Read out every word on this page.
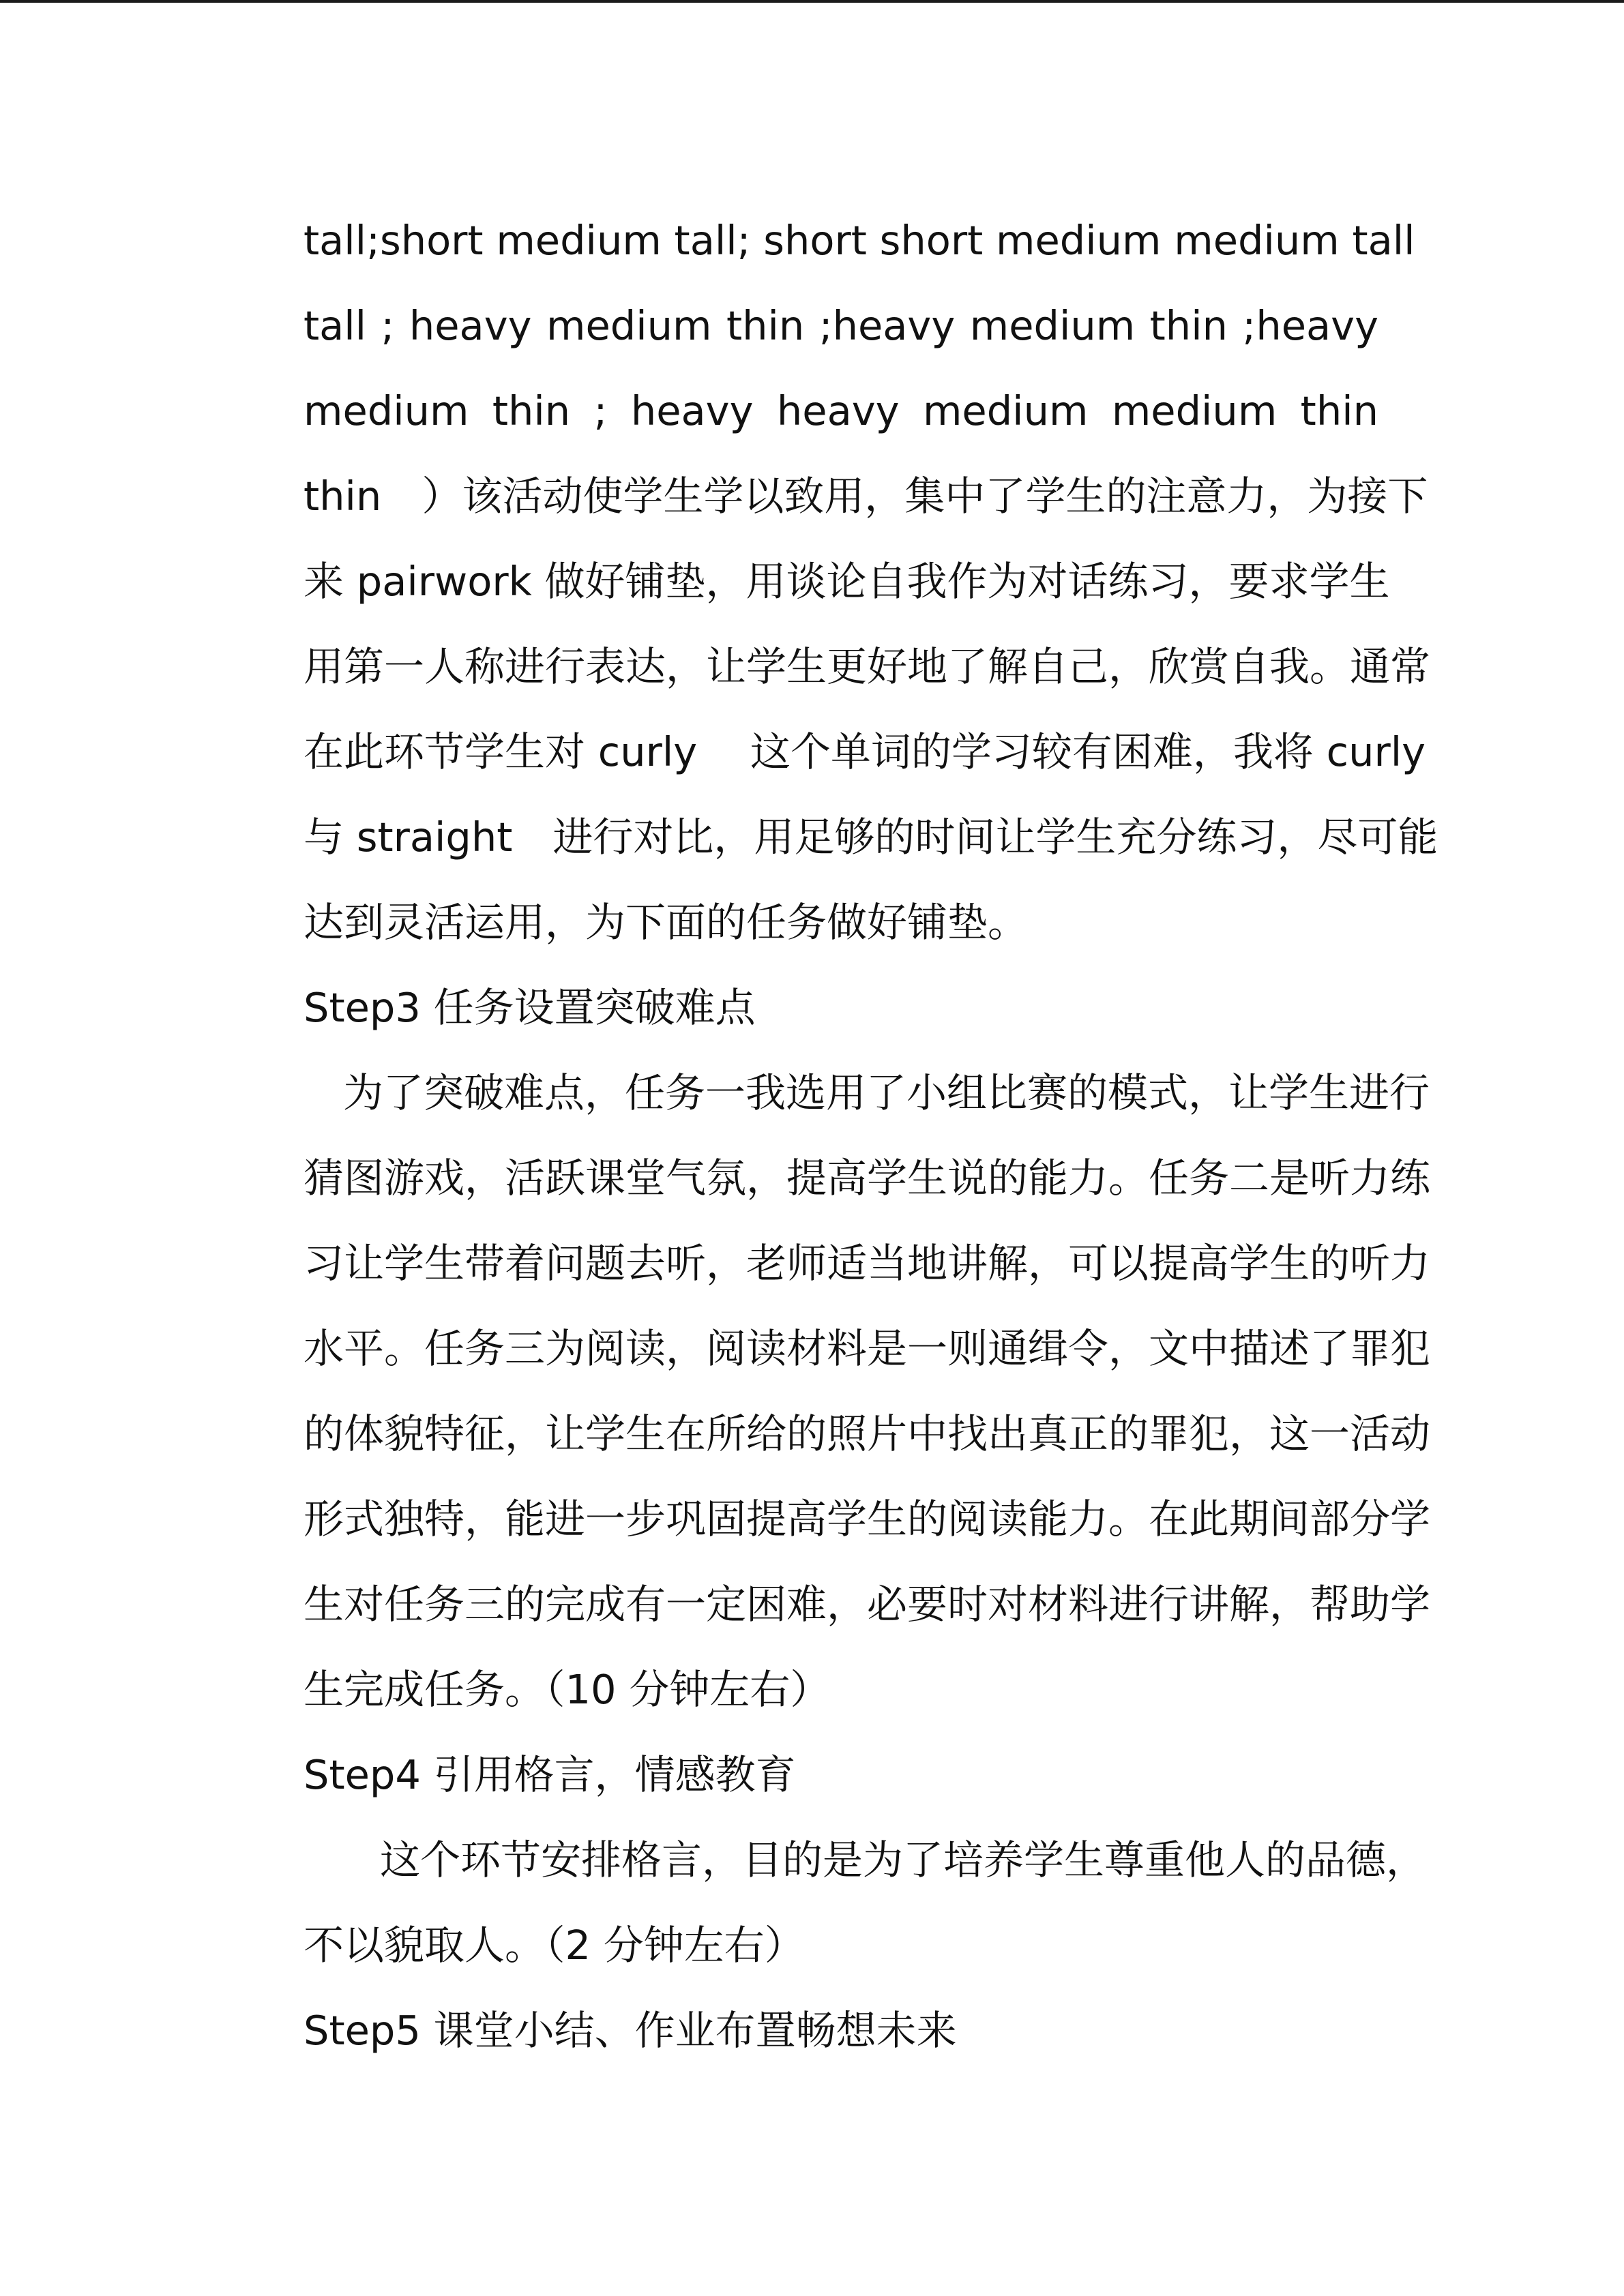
tall;short medium tall; short short medium medium tall
tall ; heavy medium thin ;heavy medium thin ;heavy
medium thin ; heavy heavy medium medium thin
thin　）该活动使学生学以致用，集中了学生的注意力，为接下
来 pairwork 做好铺垫，用谈论自我作为对话练习，要求学生
用第一人称进行表达，让学生更好地了解自己，欣赏自我。通常
在此环节学生对 curly　 这个单词的学习较有困难，我将 curly
与 straight　进行对比，用足够的时间让学生充分练习，尽可能
达到灵活运用，为下面的任务做好铺垫。
Step3 任务设置突破难点
为了突破难点，任务一我选用了小组比赛的模式，让学生进行
猜图游戏，活跃课堂气氛，提高学生说的能力。任务二是听力练
习让学生带着问题去听，老师适当地讲解，可以提高学生的听力
水平。任务三为阅读，阅读材料是一则通缉令，文中描述了罪犯
的体貌特征，让学生在所给的照片中找出真正的罪犯，这一活动
形式独特，能进一步巩固提高学生的阅读能力。在此期间部分学
生对任务三的完成有一定困难，必要时对材料进行讲解，帮助学
生完成任务。（10 分钟左右）
Step4 引用格言，情感教育
这个环节安排格言，目的是为了培养学生尊重他人的品德，
不以貌取人。（2 分钟左右）
Step5 课堂小结、作业布置畅想未来
